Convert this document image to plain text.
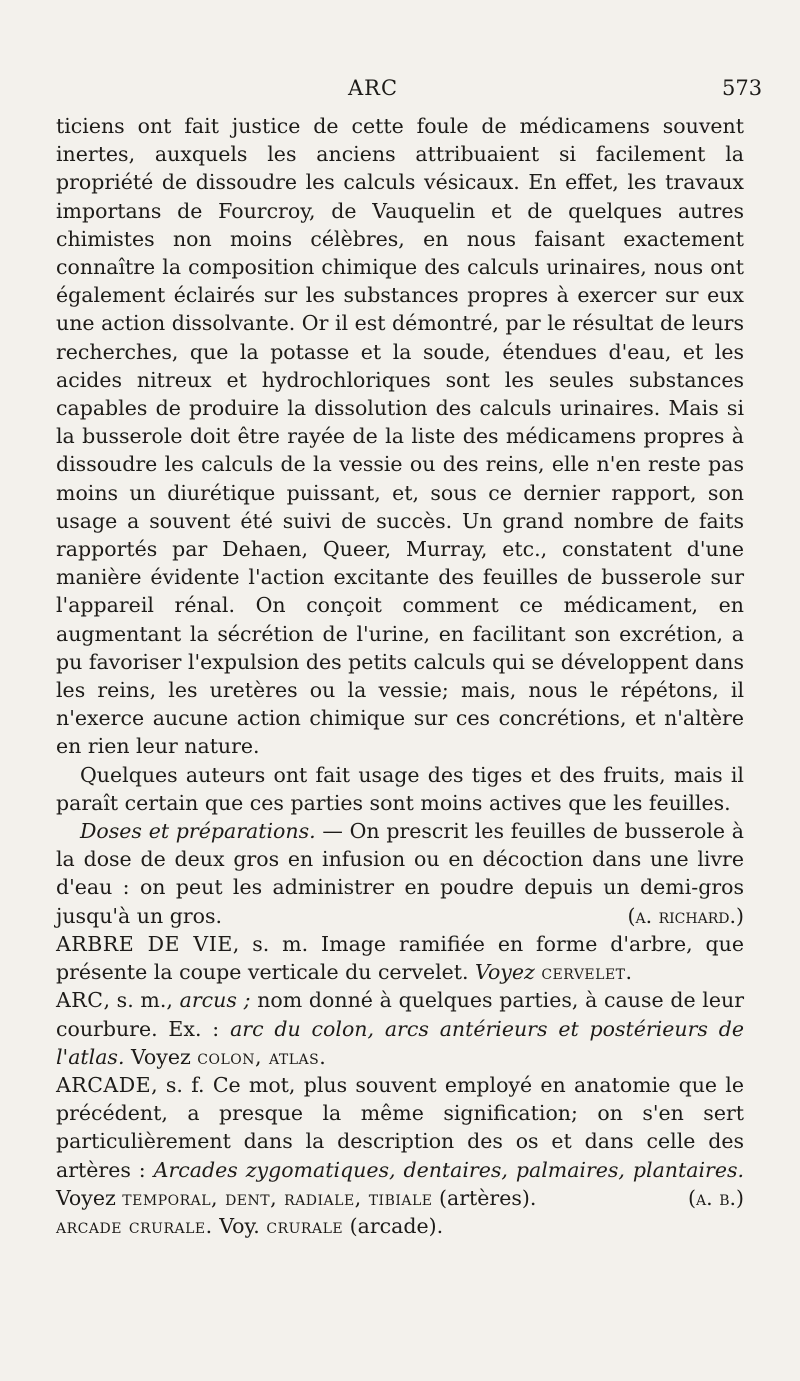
ARC	573

ticiens ont fait justice de cette foule de médicamens souvent inertes, auxquels les anciens attribuaient si facilement la propriété de dissoudre les calculs vésicaux. En effet, les travaux importans de Fourcroy, de Vauquelin et de quelques autres chimistes non moins célèbres, en nous faisant exactement connaître la composition chimique des calculs urinaires, nous ont également éclairés sur les substances propres à exercer sur eux une action dissolvante. Or il est démontré, par le résultat de leurs recherches, que la potasse et la soude, étendues d'eau, et les acides nitreux et hydrochloriques sont les seules substances capables de produire la dissolution des calculs urinaires. Mais si la busserole doit être rayée de la liste des médicamens propres à dissoudre les calculs de la vessie ou des reins, elle n'en reste pas moins un diurétique puissant, et, sous ce dernier rapport, son usage a souvent été suivi de succès. Un grand nombre de faits rapportés par Dehaen, Queer, Murray, etc., constatent d'une manière évidente l'action excitante des feuilles de busserole sur l'appareil rénal. On conçoit comment ce médicament, en augmentant la sécrétion de l'urine, en facilitant son excrétion, a pu favoriser l'expulsion des petits calculs qui se développent dans les reins, les uretères ou la vessie; mais, nous le répétons, il n'exerce aucune action chimique sur ces concrétions, et n'altère en rien leur nature.

Quelques auteurs ont fait usage des tiges et des fruits, mais il paraît certain que ces parties sont moins actives que les feuilles.

Doses et préparations. — On prescrit les feuilles de busserole à la dose de deux gros en infusion ou en décoction dans une livre d'eau : on peut les administrer en poudre depuis un demi-gros jusqu'à un gros.	(a. richard.)

ARBRE DE VIE, s. m. Image ramifiée en forme d'arbre, que présente la coupe verticale du cervelet. Voyez cervelet.

ARC, s. m., arcus ; nom donné à quelques parties, à cause de leur courbure. Ex. : arc du colon, arcs antérieurs et postérieurs de l'atlas. Voyez colon, atlas.

ARCADE, s. f. Ce mot, plus souvent employé en anatomie que le précédent, a presque la même signification; on s'en sert particulièrement dans la description des os et dans celle des artères : Arcades zygomatiques, dentaires, palmaires, plantaires. Voyez temporal, dent, radiale, tibiale (artères).	(a. b.)

arcade crurale. Voy. crurale (arcade).
